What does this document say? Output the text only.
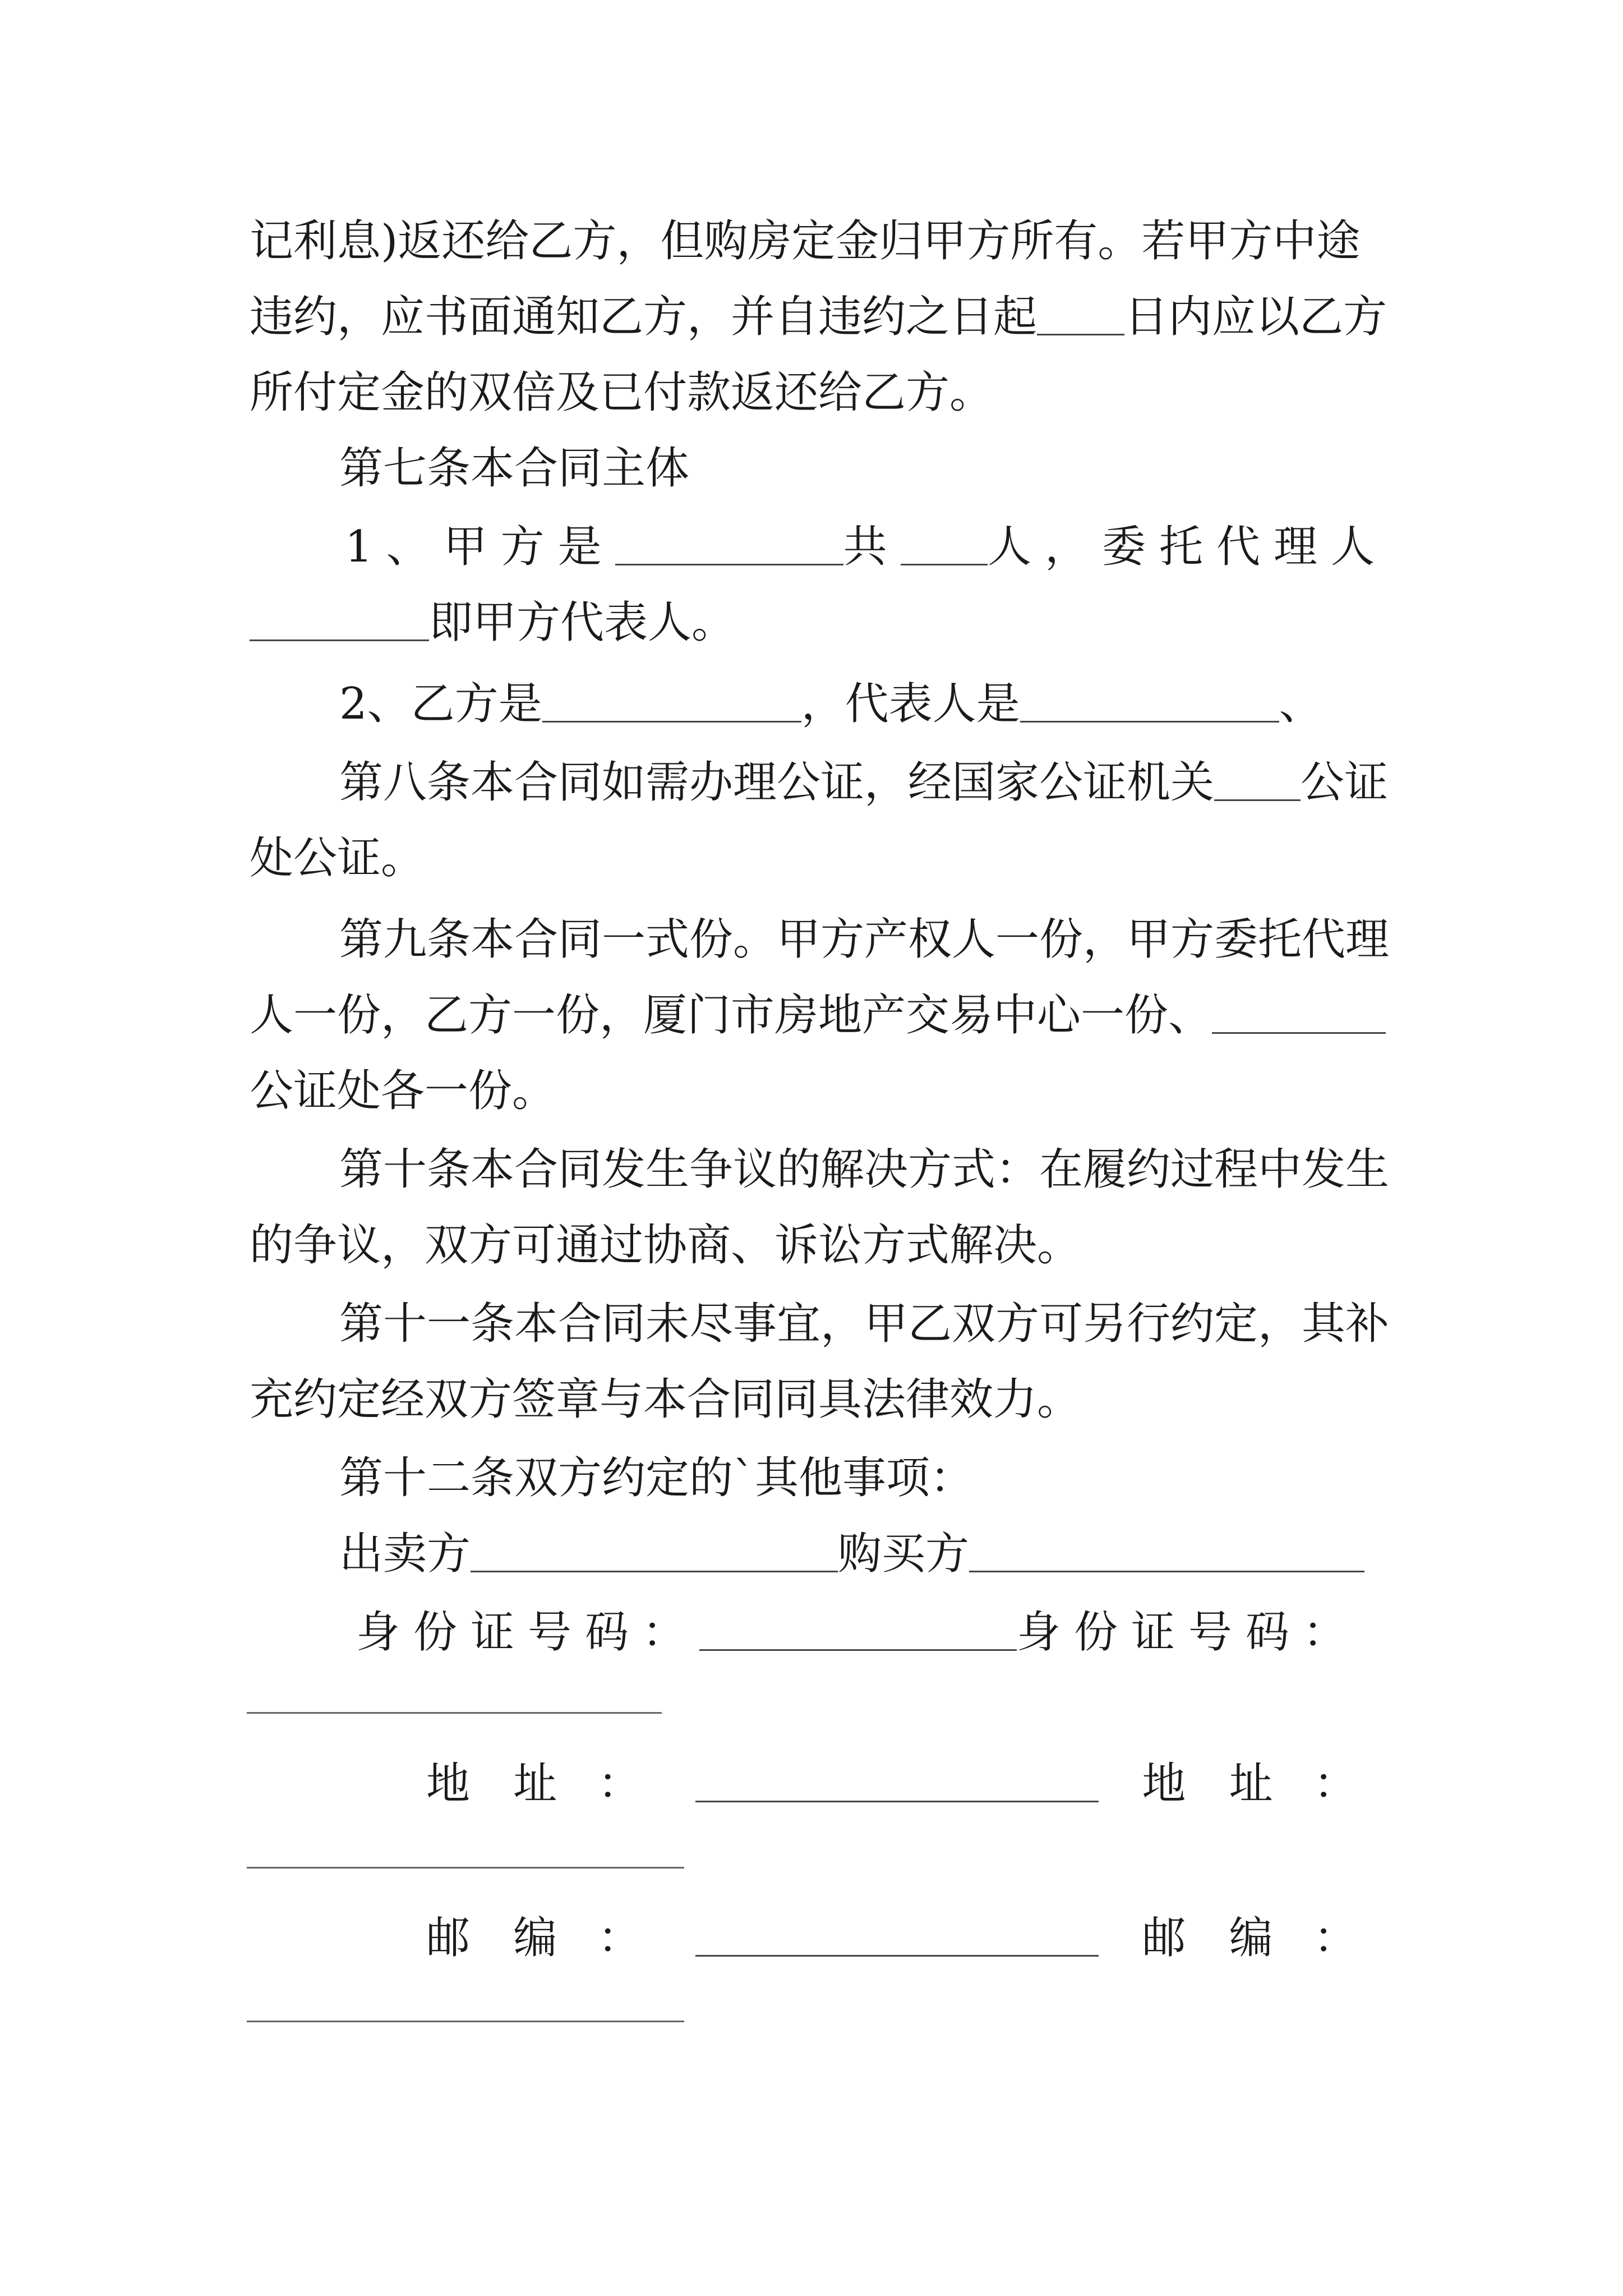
记利息)返还给乙方，但购房定金归甲方所有。若甲方中途
违约，应书面通知乙方，并自违约之日起 日内应以乙方
所付定金的双倍及已付款返还给乙方。
第七条本合同主体
1、甲方是	共 人，委托代理人
即甲方代表人。
2、乙方是	，代表人是	、
第八条本合同如需办理公证，经国家公证机关 公证
处公证。
第九条本合同一式份。甲方产权人一份，甲方委托代理
人一份，乙方一份，厦门市房地产交易中心一份、
公证处各一份。
第十条本合同发生争议的解决方式：在履约过程中发生
的争议，双方可通过协商、诉讼方式解决。
第十一条本合同未尽事宜，甲乙双方可另行约定，其补
充约定经双方签章与本合同同具法律效力。
第十二条双方约定的`其他事项：
出卖方	购买方
身份证号码：	身份证号码：
地 址 ：	地 址 ：
邮 编 ：	邮 编 ：
